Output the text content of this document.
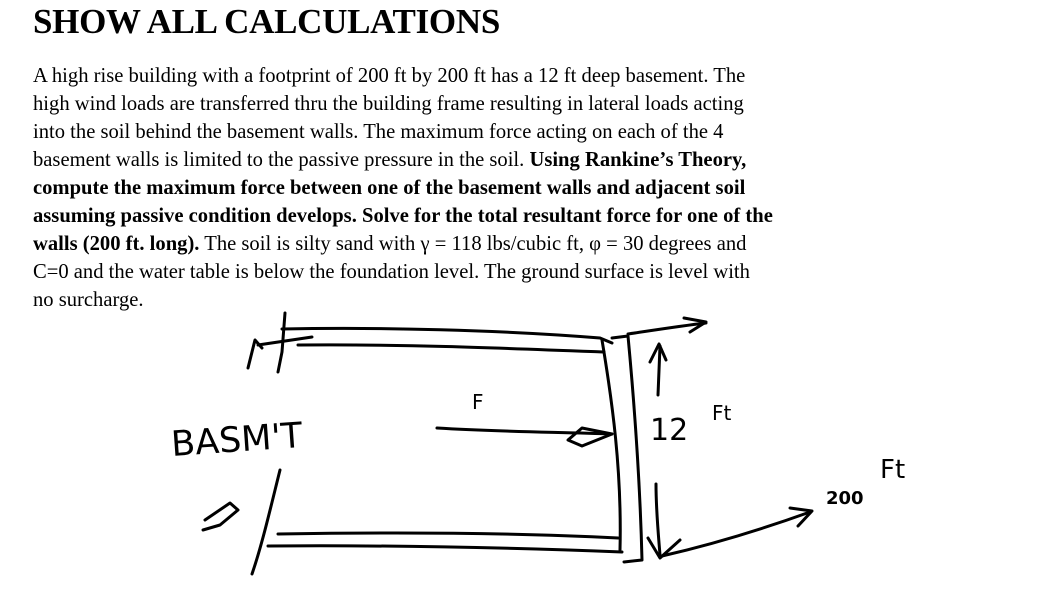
SHOW ALL CALCULATIONS
A high rise building with a footprint of 200 ft by 200 ft has a 12 ft deep basement. The
high wind loads are transferred thru the building frame resulting in lateral loads acting
into the soil behind the basement walls. The maximum force acting on each of the 4
basement walls is limited to the passive pressure in the soil. Using Rankine’s Theory,
compute the maximum force between one of the basement walls and adjacent soil
assuming passive condition develops. Solve for the total resultant force for one of the
walls (200 ft. long). The soil is silty sand with γ = 118 lbs/cubic ft, φ = 30 degrees and
C=0 and the water table is below the foundation level. The ground surface is level with
no surcharge.
BASM'T
F
12 Ft
200
Ft
